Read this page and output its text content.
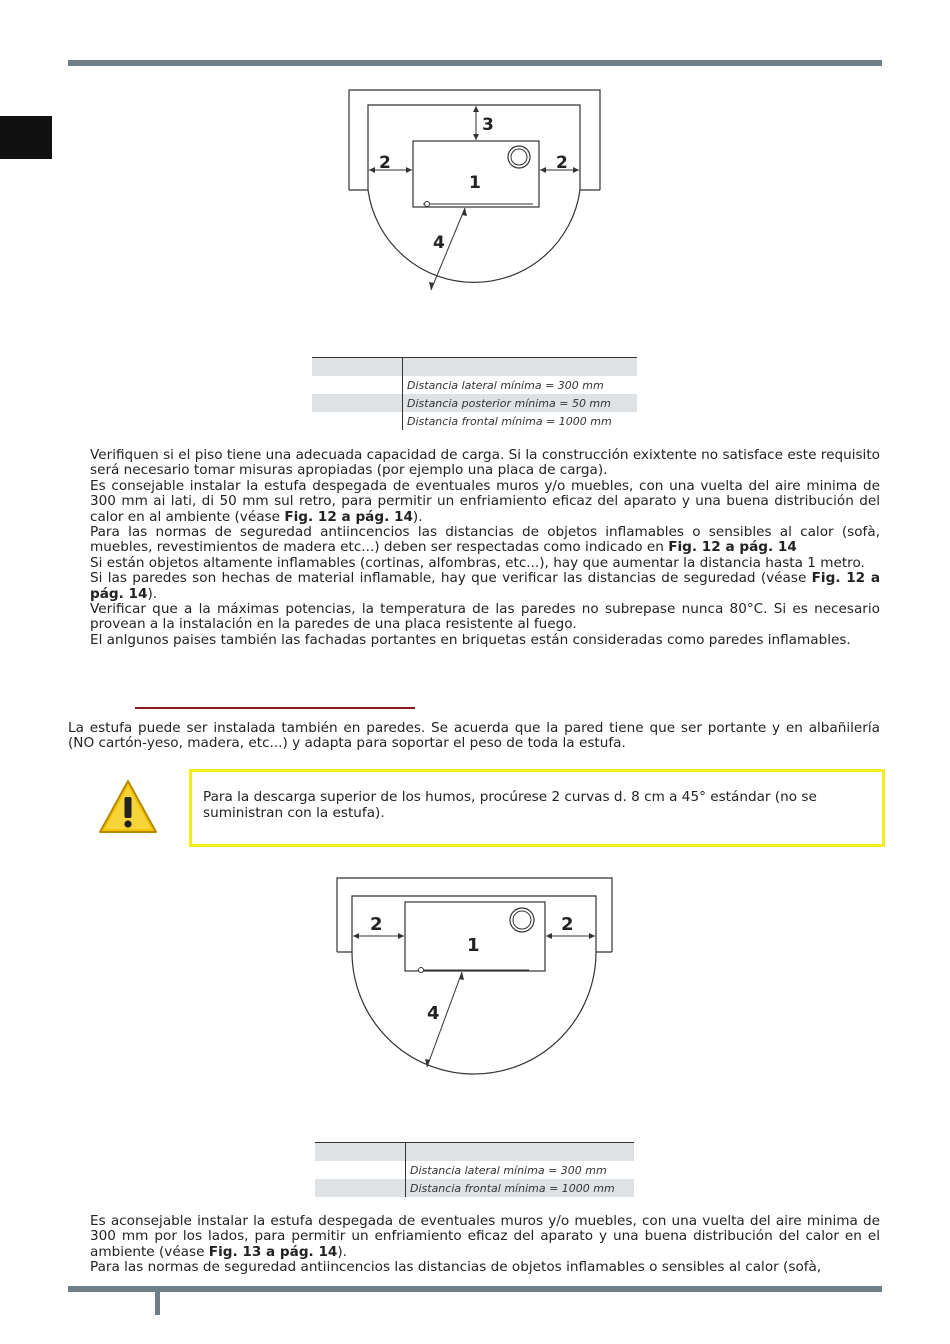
3
2	2
1
4

	Distancia lateral mínima = 300 mm
	Distancia posterior mínima = 50 mm
	Distancia frontal mínima = 1000 mm

Verifiquen si el piso tiene una adecuada capacidad de carga. Si la construcción exixtente no satisface este requisito será necesario tomar misuras apropiadas (por ejemplo una placa de carga).

Es consejable instalar la estufa despegada de eventuales muros y/o muebles, con una vuelta del aire minima de 300 mm ai lati, di 50 mm sul retro, para permitir un enfriamiento eficaz del aparato y una buena distribución del calor en al ambiente (véase Fig. 12 a pág. 14).

Para las normas de seguredad antiincencios las distancias de objetos inflamables o sensibles al calor (sofà, muebles, revestimientos de madera etc...) deben ser respectadas como indicado en Fig. 12 a pág. 14

Si están objetos altamente inflamables (cortinas, alfombras, etc...), hay que aumentar la distancia hasta 1 metro.

Si las paredes son hechas de material inflamable, hay que verificar las distancias de seguredad (véase Fig. 12 a pág. 14).

Verificar que a la máximas potencias, la temperatura de las paredes no subrepase nunca 80°C. Si es necesario provean a la instalación en la paredes de una placa resistente al fuego.

El anlgunos paises también las fachadas portantes en briquetas están consideradas como paredes inflamables.

La estufa puede ser instalada también en paredes. Se acuerda que la pared tiene que ser portante y en albañilería (NO cartón-yeso, madera, etc...) y adapta para soportar el peso de toda la estufa.

Para la descarga superior de los humos, procúrese 2 curvas d. 8 cm a 45° estándar (no se suministran con la estufa).
2	2
1
4

	Distancia lateral mínima = 300 mm
	Distancia frontal mínima = 1000 mm

Es aconsejable instalar la estufa despegada de eventuales muros y/o muebles, con una vuelta del aire minima de 300 mm por los lados, para permitir un enfriamiento eficaz del aparato y una buena distribución del calor en el ambiente (véase Fig. 13 a pág. 14).

Para las normas de seguredad antiincencios las distancias de objetos inflamables o sensibles al calor (sofà,
